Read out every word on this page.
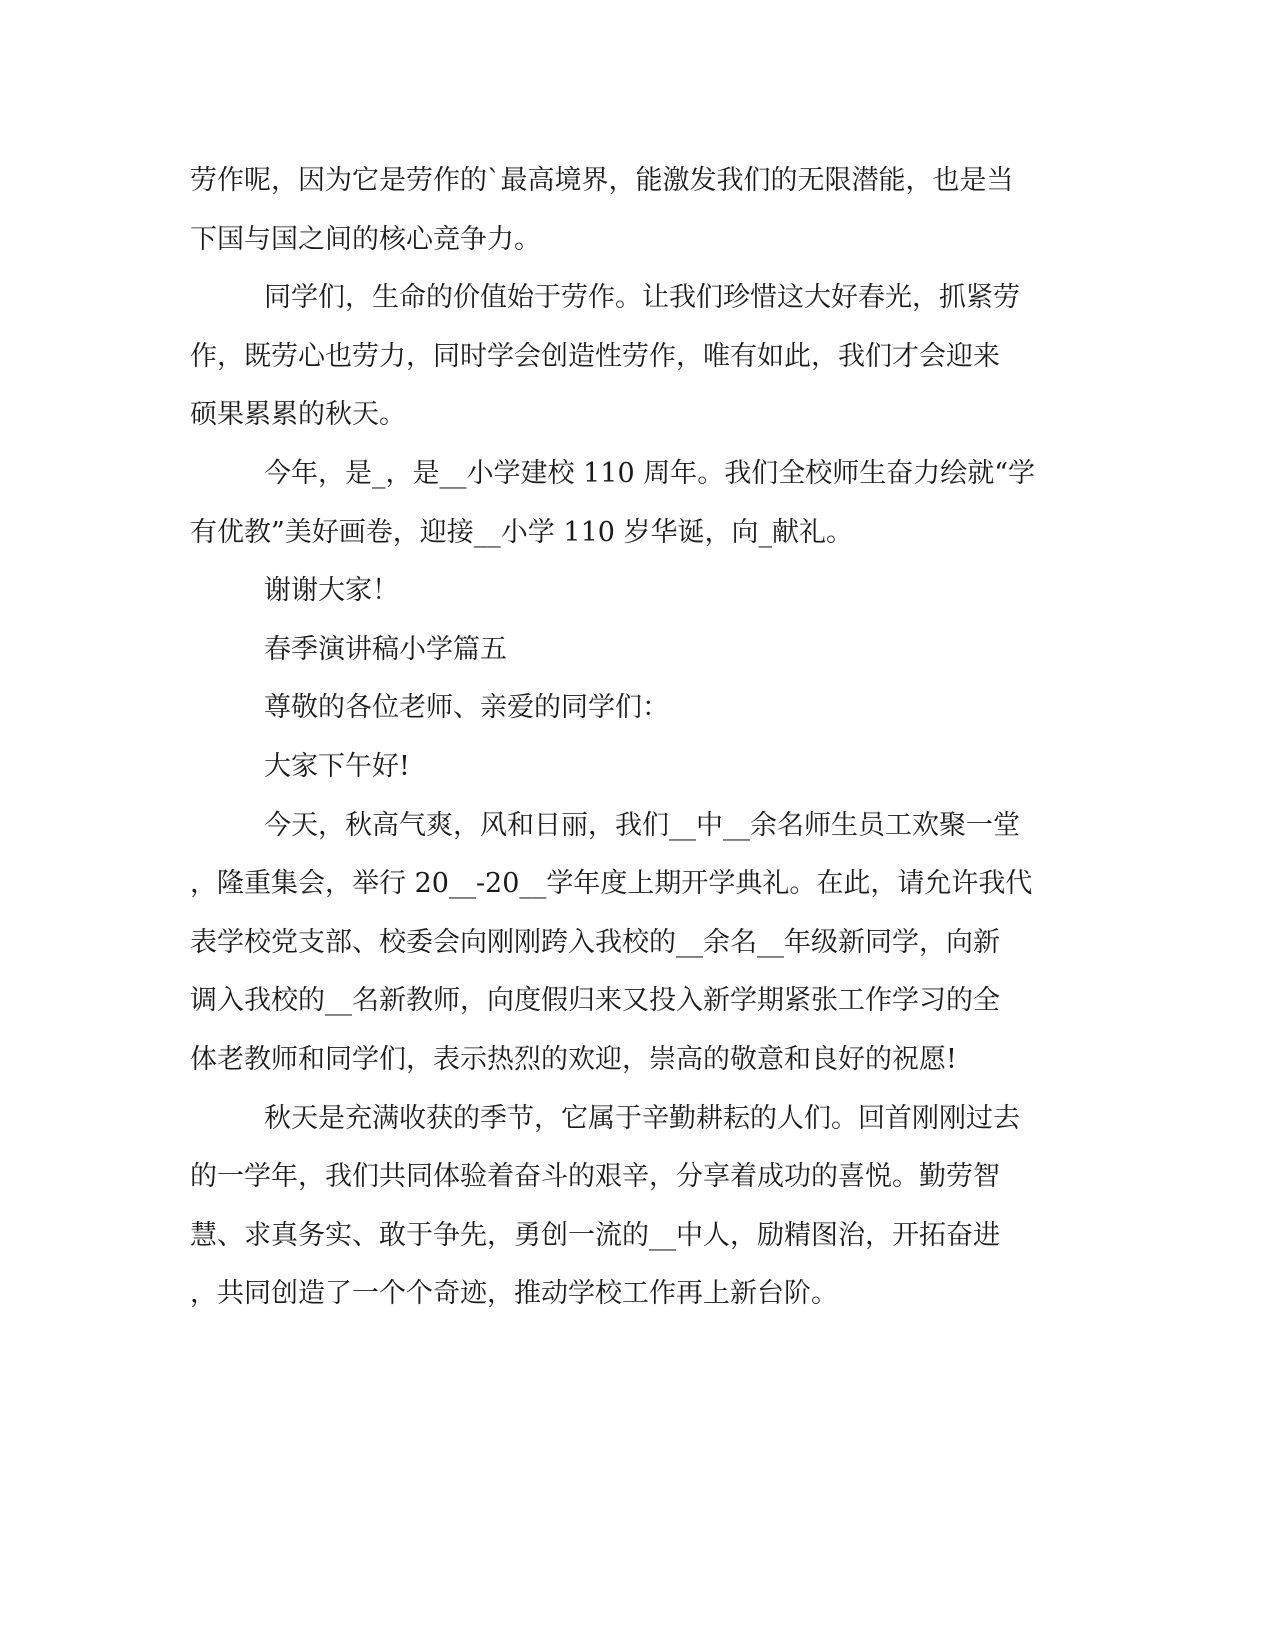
劳作呢，因为它是劳作的`最高境界，能激发我们的无限潜能，也是当
下国与国之间的核心竞争力。
同学们，生命的价值始于劳作。让我们珍惜这大好春光，抓紧劳
作，既劳心也劳力，同时学会创造性劳作，唯有如此，我们才会迎来
硕果累累的秋天。
今年，是_，是__小学建校 110 周年。我们全校师生奋力绘就“学
有优教”美好画卷，迎接__小学 110 岁华诞，向_献礼。
谢谢大家！
春季演讲稿小学篇五
尊敬的各位老师、亲爱的同学们：
大家下午好!
今天，秋高气爽，风和日丽，我们__中__余名师生员工欢聚一堂
，隆重集会，举行 20__-20__学年度上期开学典礼。在此，请允许我代
表学校党支部、校委会向刚刚跨入我校的__余名__年级新同学，向新
调入我校的__名新教师，向度假归来又投入新学期紧张工作学习的全
体老教师和同学们，表示热烈的欢迎，崇高的敬意和良好的祝愿!
秋天是充满收获的季节，它属于辛勤耕耘的人们。回首刚刚过去
的一学年，我们共同体验着奋斗的艰辛，分享着成功的喜悦。勤劳智
慧、求真务实、敢于争先，勇创一流的__中人，励精图治，开拓奋进
，共同创造了一个个奇迹，推动学校工作再上新台阶。
